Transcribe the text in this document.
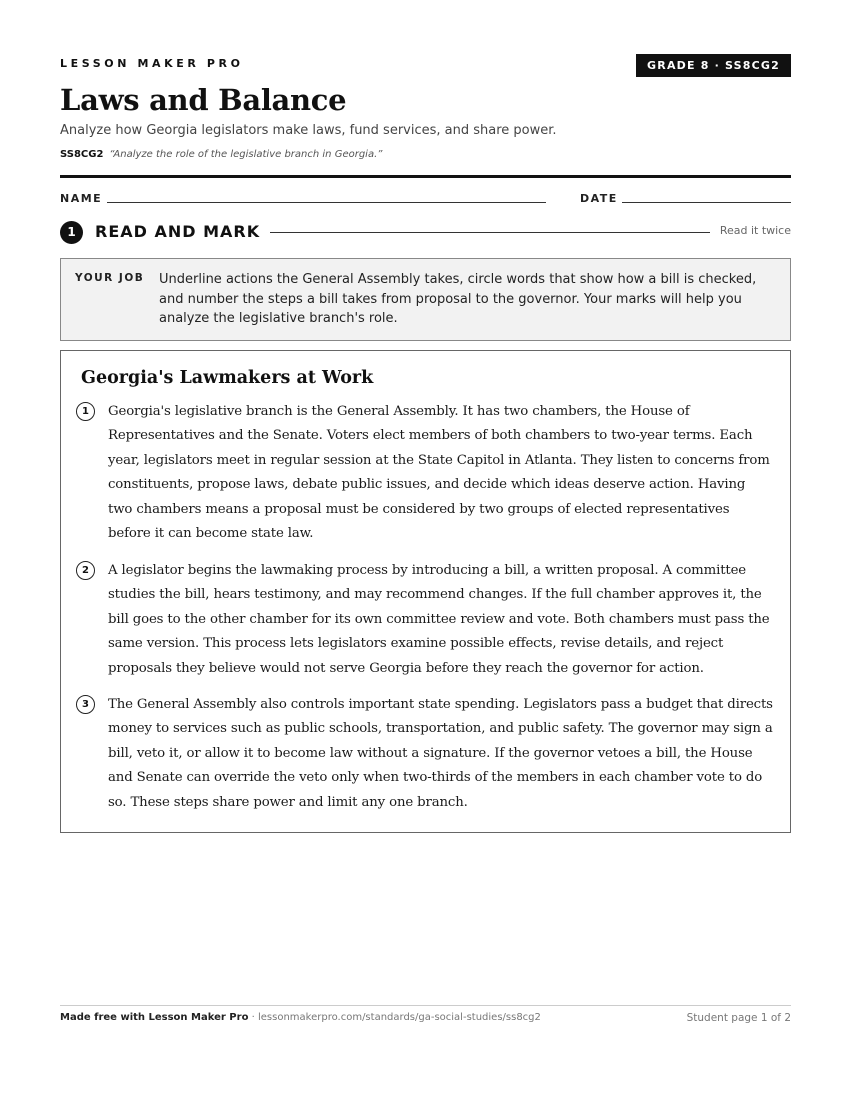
LESSON MAKER PRO	GRADE 8 · SS8CG2
Laws and Balance
Analyze how Georgia legislators make laws, fund services, and share power.
SS8CG2 “Analyze the role of the legislative branch in Georgia.”
NAME	DATE
1	READ AND MARK	Read it twice
YOUR JOB Underline actions the General Assembly takes, circle words that show how a bill is checked, and number the steps a bill takes from proposal to the governor. Your marks will help you analyze the legislative branch's role.
Georgia's Lawmakers at Work
1	Georgia's legislative branch is the General Assembly. It has two chambers, the House of Representatives and the Senate. Voters elect members of both chambers to two-year terms. Each year, legislators meet in regular session at the State Capitol in Atlanta. They listen to concerns from constituents, propose laws, debate public issues, and decide which ideas deserve action. Having two chambers means a proposal must be considered by two groups of elected representatives before it can become state law.
2	A legislator begins the lawmaking process by introducing a bill, a written proposal. A committee studies the bill, hears testimony, and may recommend changes. If the full chamber approves it, the bill goes to the other chamber for its own committee review and vote. Both chambers must pass the same version. This process lets legislators examine possible effects, revise details, and reject proposals they believe would not serve Georgia before they reach the governor for action.
3	The General Assembly also controls important state spending. Legislators pass a budget that directs money to services such as public schools, transportation, and public safety. The governor may sign a bill, veto it, or allow it to become law without a signature. If the governor vetoes a bill, the House and Senate can override the veto only when two-thirds of the members in each chamber vote to do so. These steps share power and limit any one branch.
Made free with Lesson Maker Pro · lessonmakerpro.com/standards/ga-social-studies/ss8cg2	Student page 1 of 2
